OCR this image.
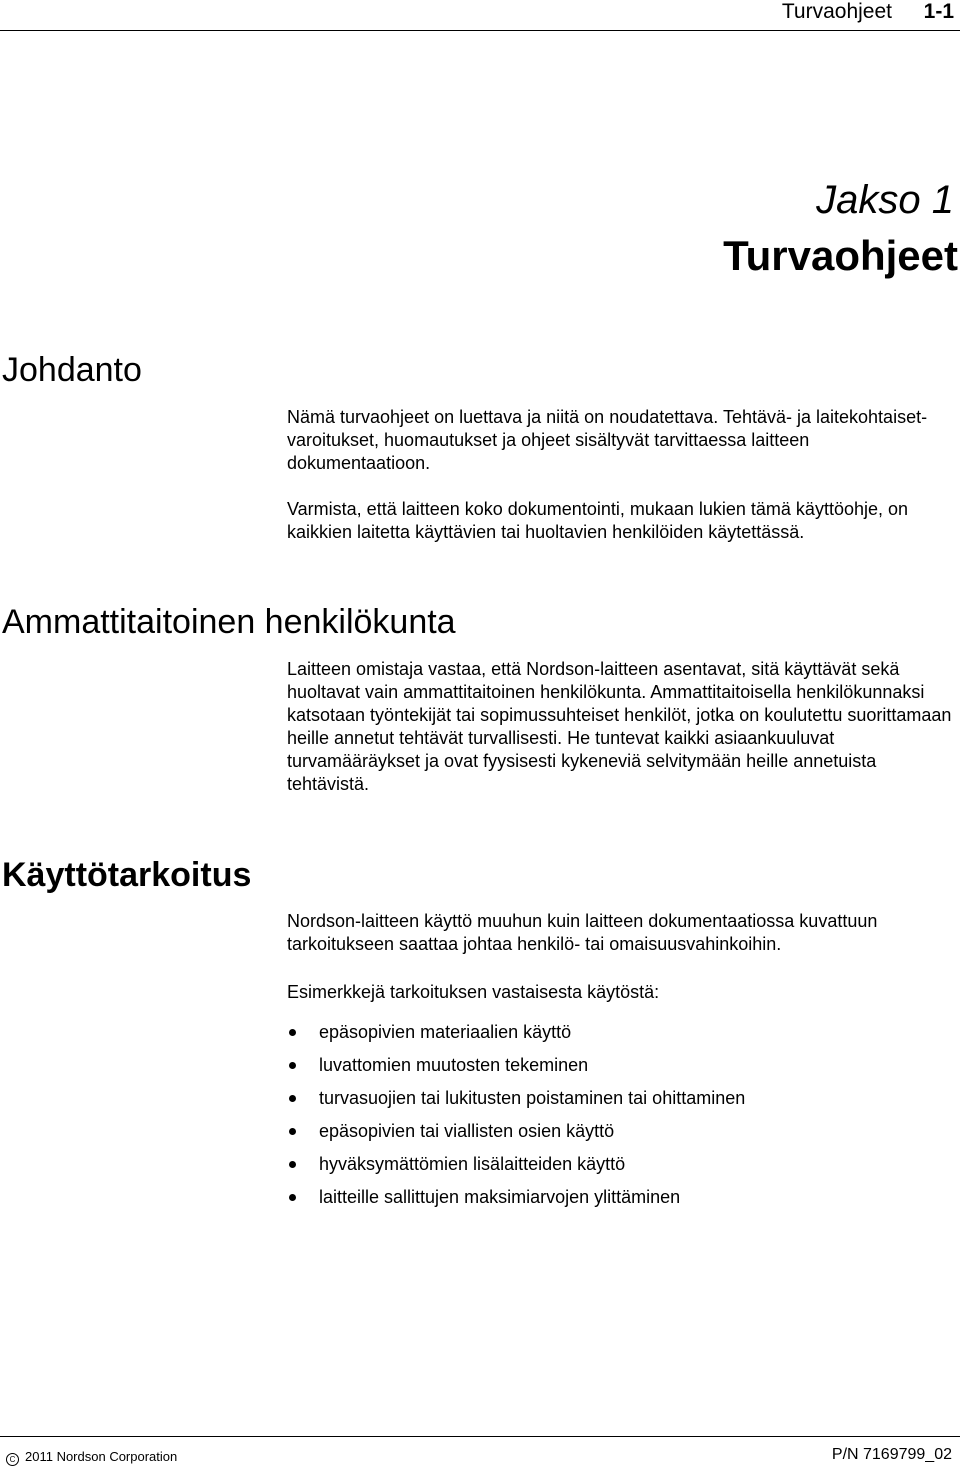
Turvaohjeet 1-1
Jakso 1
Turvaohjeet
Johdanto

Nämä turvaohjeet on luettava ja niitä on noudatettava. Tehtävä- ja laitekohtaiset- varoitukset, huomautukset ja ohjeet sisältyvät tarvittaessa laitteen dokumentaatioon.

Varmista, että laitteen koko dokumentointi, mukaan lukien tämä käyttöohje, on kaikkien laitetta käyttävien tai huoltavien henkilöiden käytettässä.

Ammattitaitoinen henkilökunta

Laitteen omistaja vastaa, että Nordson-laitteen asentavat, sitä käyttävät sekä huoltavat vain ammattitaitoinen henkilökunta. Ammattitaitoisella henkilökunnaksi katsotaan työntekijät tai sopimussuhteiset henkilöt, jotka on koulutettu suorittamaan heille annetut tehtävät turvallisesti. He tuntevat kaikki asiaankuuluvat turvamääräykset ja ovat fyysisesti kykeneviä selvitymään heille annetuista tehtävistä.

Käyttötarkoitus

Nordson-laitteen käyttö muuhun kuin laitteen dokumentaatiossa kuvattuun tarkoitukseen saattaa johtaa henkilö- tai omaisuusvahinkoihin.

Esimerkkejä tarkoituksen vastaisesta käytöstä:

epäsopivien materiaalien käyttö
luvattomien muutosten tekeminen
turvasuojien tai lukitusten poistaminen tai ohittaminen
epäsopivien tai viallisten osien käyttö
hyväksymättömien lisälaitteiden käyttö
laitteille sallittujen maksimiarvojen ylittäminen
C 2011 Nordson Corporation	P/N 7169799_02
